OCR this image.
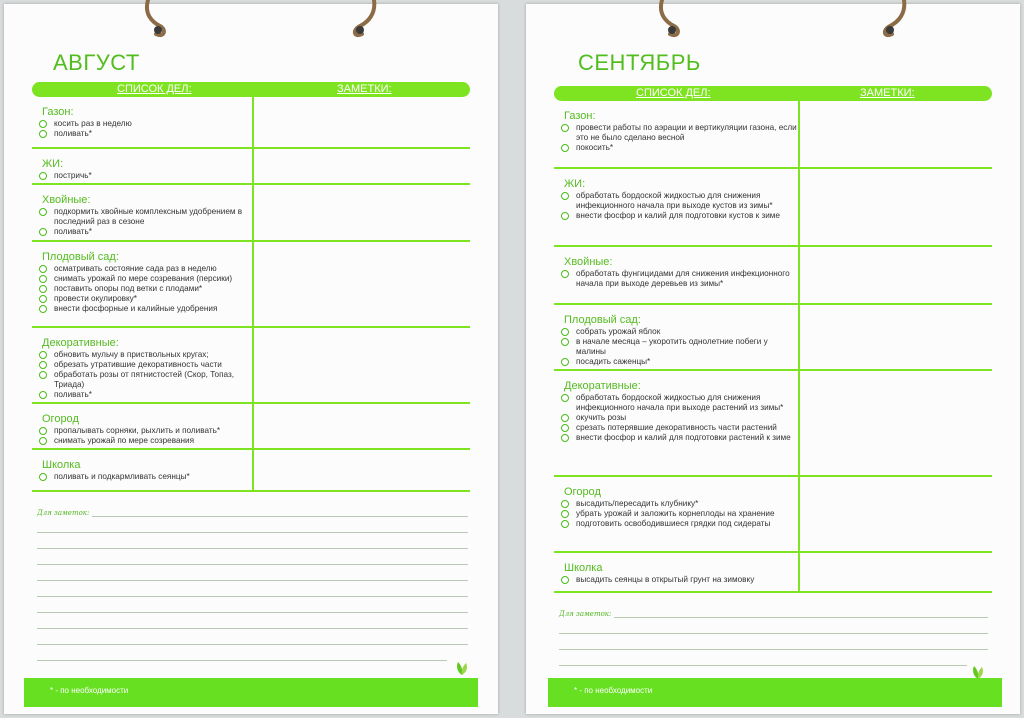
АВГУСТ
СПИСОК ДЕЛ:	ЗАМЕТКИ:
Газон:
косить раз в неделю
поливать*
ЖИ:
постричь*
Хвойные:
подкормить хвойные комплексным удобрением в последний раз в сезоне
поливать*
Плодовый сад:
осматривать состояние сада раз в неделю
снимать урожай по мере созревания (персики)
поставить опоры под ветки с плодами*
провести окулировку*
внести фосфорные и калийные удобрения
Декоративные:
обновить мульчу в приствольных кругах;
обрезать утратившие декоративность части
обработать розы от пятнистостей (Скор, Топаз, Триада)
поливать*
Огород
пропалывать сорняки, рыхлить и поливать*
снимать урожай по мере созревания
Школка
поливать и подкармливать сеянцы*
Для заметок:
* - по необходимости
СЕНТЯБРЬ
СПИСОК ДЕЛ:	ЗАМЕТКИ:
Газон:
провести работы по аэрации и вертикуляции газона, если это не было сделано весной
покосить*
ЖИ:
обработать бордоской жидкостью для снижения инфекционного начала при выходе кустов из зимы*
внести фосфор и калий для подготовки кустов к зиме
Хвойные:
обработать фунгицидами для снижения инфекционного начала при выходе деревьев из зимы*
Плодовый сад:
собрать урожай яблок
в начале месяца – укоротить однолетние побеги у малины
посадить саженцы*
Декоративные:
обработать бордоской жидкостью для снижения инфекционного начала при выходе растений из зимы*
окучить розы
срезать потерявшие декоративность части растений
внести фосфор и калий для подготовки растений к зиме
Огород
высадить/пересадить клубнику*
убрать урожай и заложить корнеплоды на хранение
подготовить освободившиеся грядки под сидераты
Школка
высадить сеянцы в открытый грунт на зимовку
Для заметок:
* - по необходимости
